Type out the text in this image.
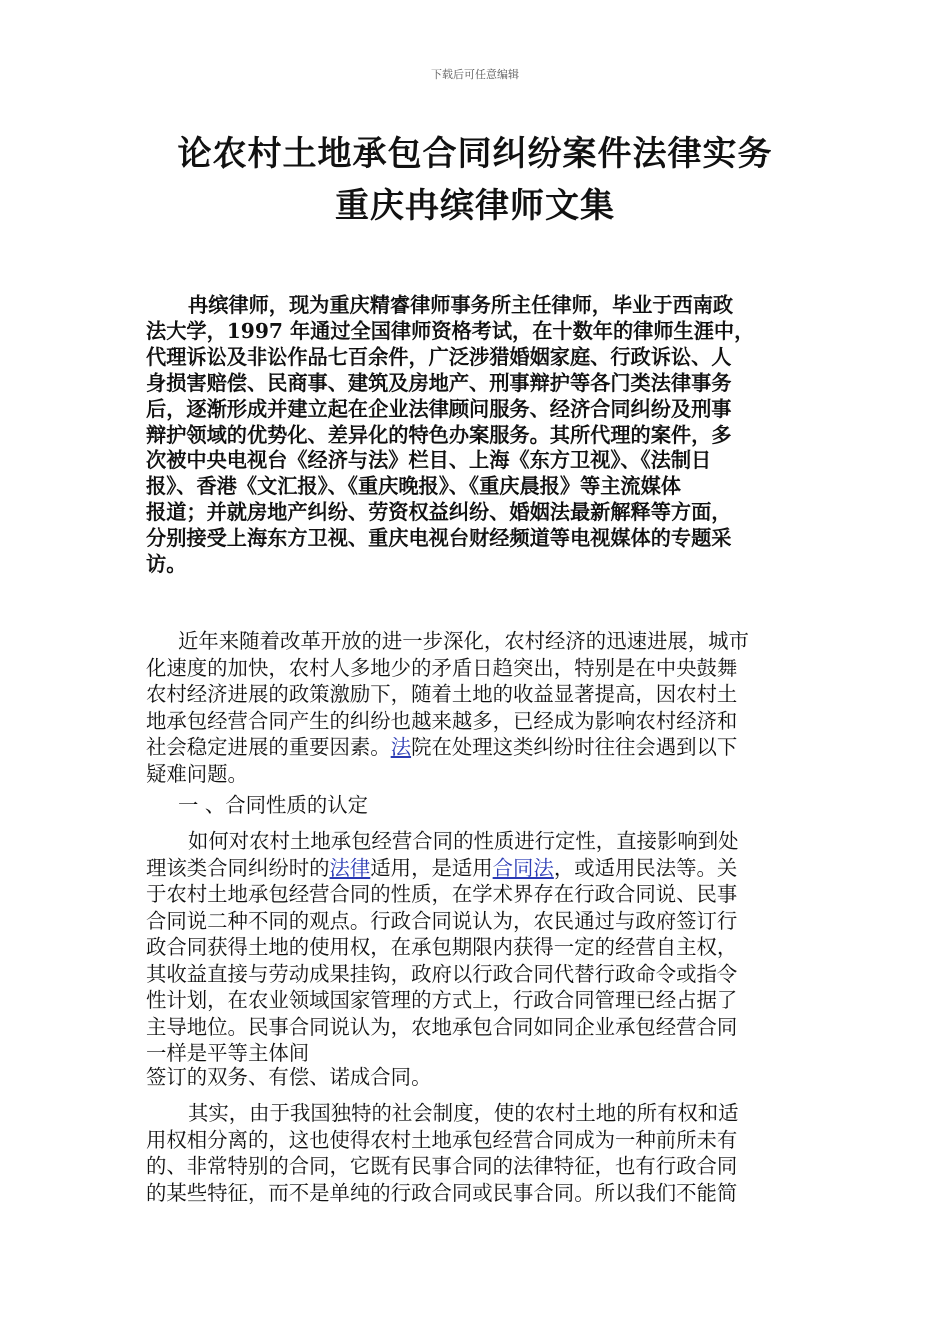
下载后可任意编辑
论农村土地承包合同纠纷案件法律实务
重庆冉缤律师文集
冉缤律师，现为重庆精睿律师事务所主任律师，毕业于西南政
法大学，1997 年通过全国律师资格考试，在十数年的律师生涯中，
代理诉讼及非讼作品七百余件，广泛涉猎婚姻家庭、行政诉讼、人
身损害赔偿、民商事、建筑及房地产、刑事辩护等各门类法律事务
后，逐渐形成并建立起在企业法律顾问服务、经济合同纠纷及刑事
辩护领域的优势化、差异化的特色办案服务。其所代理的案件，多
次被中央电视台《经济与法》栏目、上海《东方卫视》、《法制日
报》、香港《文汇报》、《重庆晚报》、《重庆晨报》等主流媒体
报道；并就房地产纠纷、劳资权益纠纷、婚姻法最新解释等方面，
分别接受上海东方卫视、重庆电视台财经频道等电视媒体的专题采
访。
近年来随着改革开放的进一步深化，农村经济的迅速进展，城市
化速度的加快，农村人多地少的矛盾日趋突出，特别是在中央鼓舞
农村经济进展的政策激励下，随着土地的收益显著提高，因农村土
地承包经营合同产生的纠纷也越来越多，已经成为影响农村经济和
社会稳定进展的重要因素。法院在处理这类纠纷时往往会遇到以下
疑难问题。
一 、合同性质的认定
如何对农村土地承包经营合同的性质进行定性，直接影响到处
理该类合同纠纷时的法律适用，是适用合同法，或适用民法等。关
于农村土地承包经营合同的性质，在学术界存在行政合同说、民事
合同说二种不同的观点。行政合同说认为，农民通过与政府签订行
政合同获得土地的使用权，在承包期限内获得一定的经营自主权，
其收益直接与劳动成果挂钩，政府以行政合同代替行政命令或指令
性计划，在农业领域国家管理的方式上，行政合同管理已经占据了
主导地位。民事合同说认为，农地承包合同如同企业承包经营合同
一样是平等主体间
签订的双务、有偿、诺成合同。
其实，由于我国独特的社会制度，使的农村土地的所有权和适
用权相分离的，这也使得农村土地承包经营合同成为一种前所未有
的、非常特别的合同，它既有民事合同的法律特征，也有行政合同
的某些特征，而不是单纯的行政合同或民事合同。所以我们不能简
